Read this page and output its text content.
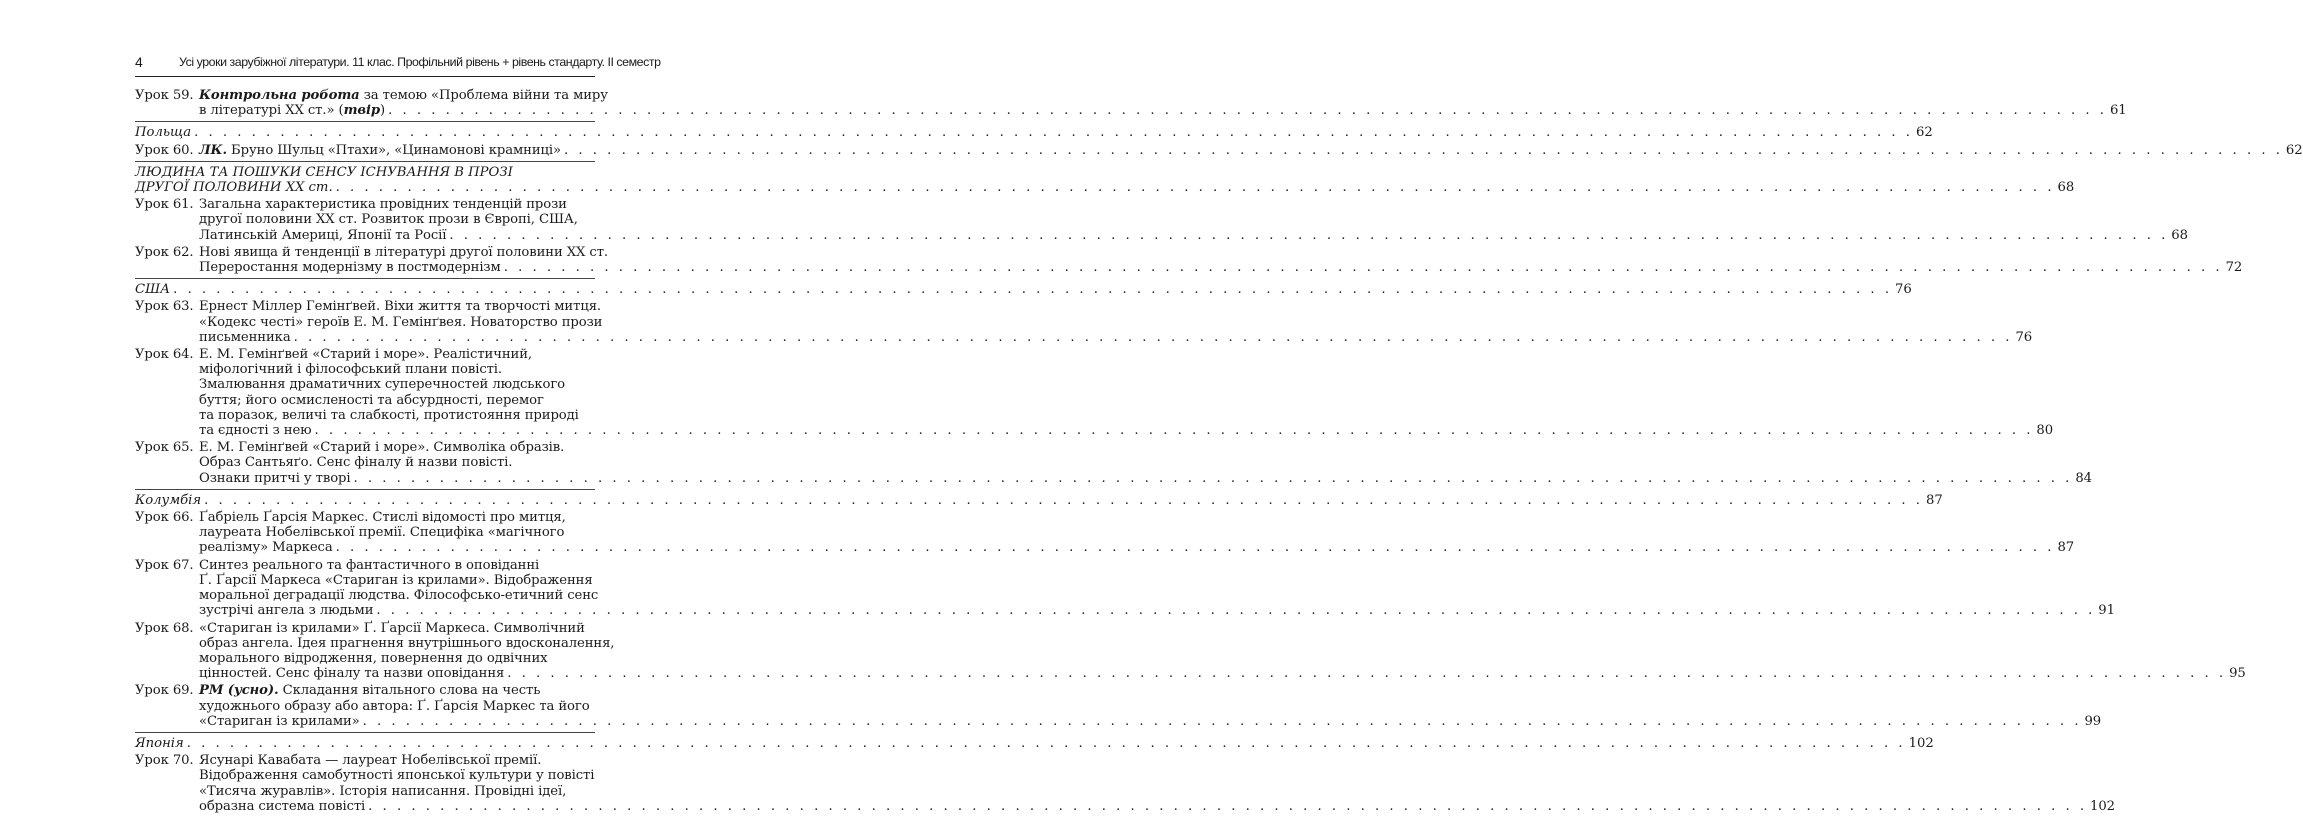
4	Усі уроки зарубіжної літератури. 11 клас. Профільний рівень + рівень стандарту. II семестр
Урок 59. Контрольна робота за темою «Проблема війни та миру
в літературі XX ст.» (твір) . . .	61
Польща . . .	62
Урок 60. ЛК. Бруно Шульц «Птахи», «Цинамонові крамниці» . . .	62
ЛЮДИНА ТА ПОШУКИ СЕНСУ ІСНУВАННЯ В ПРОЗІ
ДРУГОЇ ПОЛОВИНИ XX ст. . . .	68
Урок 61. Загальна характеристика провідних тенденцій прози
другої половини XX ст. Розвиток прози в Європі, США,
Латинській Америці, Японії та Росії . . .	68
Урок 62. Нові явища й тенденції в літературі другої половини XX ст.
Переростання модернізму в постмодернізм . . .	72
США . . .	76
Урок 63. Ернест Міллер Гемінґвей. Віхи життя та творчості митця.
«Кодекс честі» героїв Е. М. Гемінґвея. Новаторство прози
письменника . . .	76
Урок 64. Е. М. Гемінґвей «Старий і море». Реалістичний,
міфологічний і філософський плани повісті.
Змалювання драматичних суперечностей людського
буття; його осмисленості та абсурдності, перемог
та поразок, величі та слабкості, протистояння природі
та єдності з нею . . .	80
Урок 65. Е. М. Гемінґвей «Старий і море». Символіка образів.
Образ Сантьяґо. Сенс фіналу й назви повісті.
Ознаки притчі у творі . . .	84
Колумбія . . .	87
Урок 66. Ґабріель Ґарсія Маркес. Стислі відомості про митця,
лауреата Нобелівської премії. Специфіка «магічного
реалізму» Маркеса . . .	87
Урок 67. Синтез реального та фантастичного в оповіданні
Ґ. Ґарсії Маркеса «Стариган із крилами». Відображення
моральної деградації людства. Філософсько-етичний сенс
зустрічі ангела з людьми . . .	91
Урок 68. «Стариган із крилами» Ґ. Ґарсії Маркеса. Символічний
образ ангела. Ідея прагнення внутрішнього вдосконалення,
морального відродження, повернення до одвічних
цінностей. Сенс фіналу та назви оповідання . . .	95
Урок 69. РМ (усно). Складання вітального слова на честь
художнього образу або автора: Ґ. Ґарсія Маркес та його
«Стариган із крилами» . . .	99
Японія . . .	102
Урок 70. Ясунарі Кавабата — лауреат Нобелівської премії.
Відображення самобутності японської культури у повісті
«Тисяча журавлів». Історія написання. Провідні ідеї,
образна система повісті . . .	102
